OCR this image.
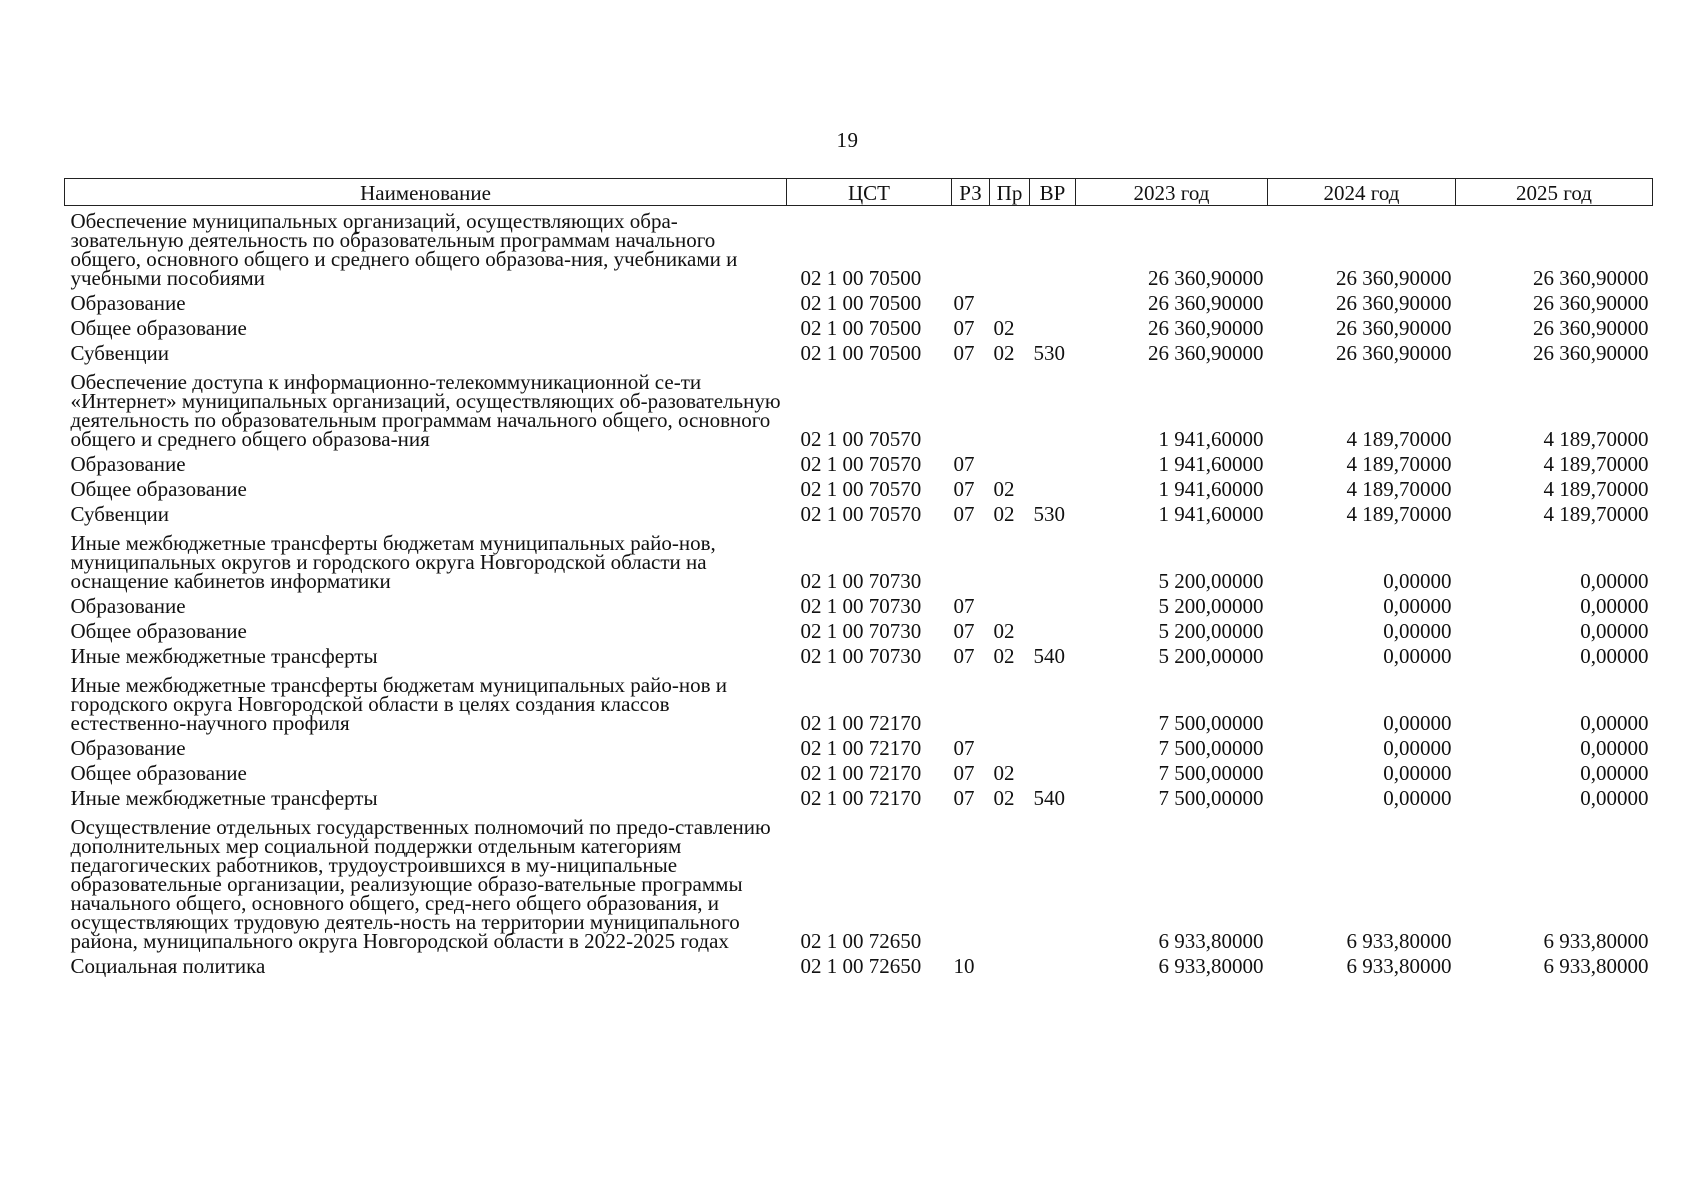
19
Наименование	ЦСТ	РЗ	Пр	ВР	2023 год	2024 год	2025 год
Обеспечение муниципальных организаций, осуществляющих обра-зовательную деятельность по образовательным программам начального общего, основного общего и среднего общего образова-ния, учебниками и учебными пособиями	02 1 00 70500				26 360,90000	26 360,90000	26 360,90000
Образование	02 1 00 70500	07			26 360,90000	26 360,90000	26 360,90000
Общее образование	02 1 00 70500	07	02		26 360,90000	26 360,90000	26 360,90000
Субвенции	02 1 00 70500	07	02	530	26 360,90000	26 360,90000	26 360,90000
Обеспечение доступа к информационно-телекоммуникационной се-ти «Интернет» муниципальных организаций, осуществляющих об-разовательную деятельность по образовательным программам начального общего, основного общего и среднего общего образова-ния	02 1 00 70570				1 941,60000	4 189,70000	4 189,70000
Образование	02 1 00 70570	07			1 941,60000	4 189,70000	4 189,70000
Общее образование	02 1 00 70570	07	02		1 941,60000	4 189,70000	4 189,70000
Субвенции	02 1 00 70570	07	02	530	1 941,60000	4 189,70000	4 189,70000
Иные межбюджетные трансферты бюджетам муниципальных райо-нов, муниципальных округов и городского округа Новгородской области на оснащение кабинетов информатики	02 1 00 70730				5 200,00000	0,00000	0,00000
Образование	02 1 00 70730	07			5 200,00000	0,00000	0,00000
Общее образование	02 1 00 70730	07	02		5 200,00000	0,00000	0,00000
Иные межбюджетные трансферты	02 1 00 70730	07	02	540	5 200,00000	0,00000	0,00000
Иные межбюджетные трансферты бюджетам муниципальных райо-нов и городского округа Новгородской области в целях создания классов естественно-научного профиля	02 1 00 72170				7 500,00000	0,00000	0,00000
Образование	02 1 00 72170	07			7 500,00000	0,00000	0,00000
Общее образование	02 1 00 72170	07	02		7 500,00000	0,00000	0,00000
Иные межбюджетные трансферты	02 1 00 72170	07	02	540	7 500,00000	0,00000	0,00000
Осуществление отдельных государственных полномочий по предо-ставлению дополнительных мер социальной поддержки отдельным категориям педагогических работников, трудоустроившихся в му-ниципальные образовательные организации, реализующие образо-вательные программы начального общего, основного общего, сред-него общего образования, и осуществляющих трудовую деятель-ность на территории муниципального района, муниципального округа Новгородской области в 2022-2025 годах	02 1 00 72650				6 933,80000	6 933,80000	6 933,80000
Социальная политика	02 1 00 72650	10			6 933,80000	6 933,80000	6 933,80000
